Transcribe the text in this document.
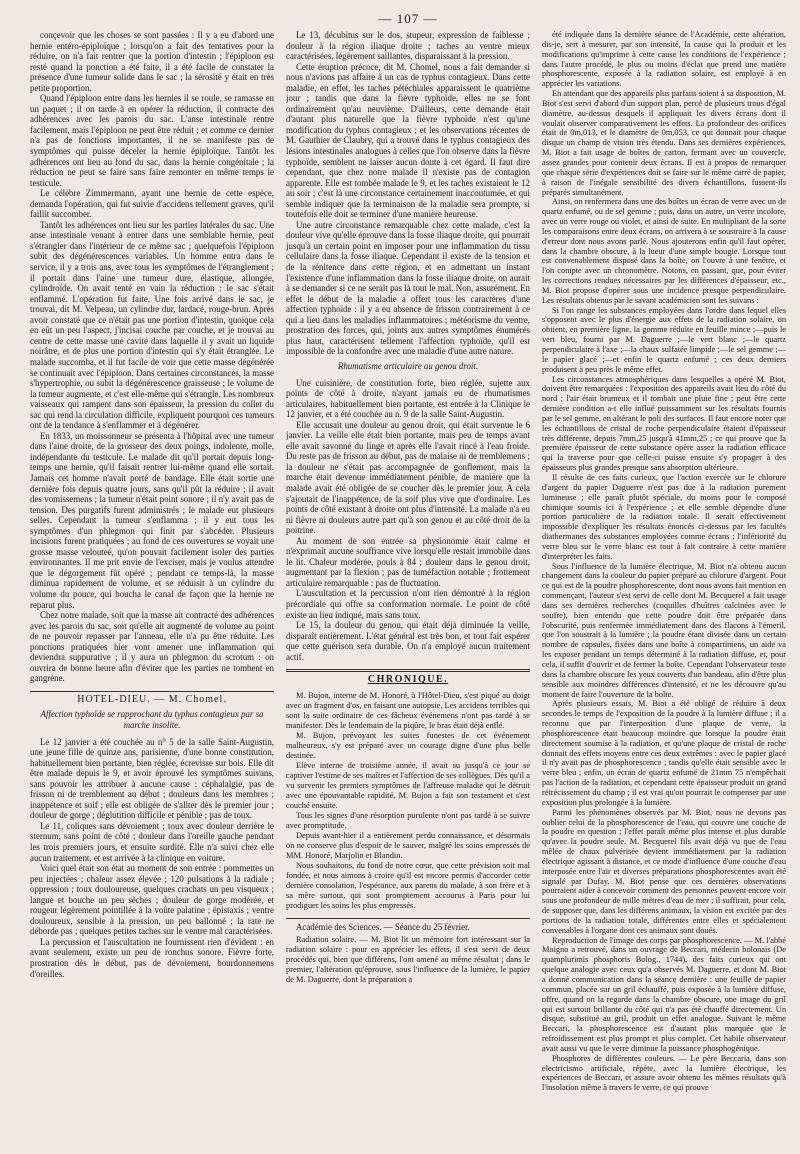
— 107 —

conçevoir que les choses se sont passées : Il y a eu d'abord une hernie entéro-épiploïque ; lorsqu'on a fait des tentatives pour la réduire, on n'a fait rentrer que la portion d'intestin ; l'épiploon est resté quand la ponction a été faite, il a été facile de constater la présence d'une tumeur solide dans le sac ; la sérosité y était en très petite proportion.

Quand l'épiploon entre dans les hernies il se roule, se ramasse en un paquet ; il on tarde à en opérer la réduction, il contracte des adhérences avec les parois du sac. L'anse intestinale rentre facilement, mais l'épiploon ne peut être réduit ; et comme ce dernier n'a pas de fonctions importantes, il ne se manifeste pas de symptômes qui puisse déceler la hernie épiploïque. Tantôt les adhérences ont lieu au fond du sac, dans la hernie congénitale ; la réduction ne peut se faire sans faire remonter en même temps le testicule.

Le célèbre Zimmermann, ayant une hernie de cette espèce, demanda l'opération, qui fut suivie d'accidens tellement graves, qu'il faillit succomber.

Tantôt les adhérences ont lieu sur les parties latérales du sac. Une anse intestinale venant à entrer dans une semblable hernie, peut s'étrangler dans l'intérieur de ce même sac ; quelquefois l'épiploon subit des dégénérescences variables. Un homme entra dans le service, il y a trois ans, avec tous les symptômes de l'étranglement ; il portait dans l'aine une tumeur dure, élastique, allongée, cylindroïde. On avait tenté en vain la réduction : le sac s'était enflammé. L'opération fut faite. Une fois arrivé dans le sac, je trouvai, dit M. Velpeau, un cylindre dur, lardacé, rouge-brun. Après avoir constaté que ce n'était pas une portion d'intestin, quoique cela en eût un peu l'aspect, j'incisai couche par couche, et je trouvai au centre de cette masse une cavité dans laquelle il y avait un liquide noirâtre, et de plus une portion d'intestin qui s'y était étranglée. Le malade succomba, et il fut facile de voir que cette masse dégénérée se continuait avec l'épiploon. Dans certaines circonstances, la masse s'hypertrophie, ou subit la dégénérescence graisseuse ; le volume de la tumeur augmente, et c'est elle-même qui s'étrangle. Les nombreux vaisseaux qui rampent dans son épaisseur, la pression du collet du sac qui rend la circulation difficile, expliquent pourquoi ces tumeurs ont de la tendance à s'enflammer et à dégénérer.

En 1833, un moissonneur se présenta à l'hôpital avec une tumeur dans l'aine droite, de la grosseur des deux poings, indolente, molle, indépendante du testicule. Le malade dit qu'il portait depuis long-temps une hernie, qu'il faisait rentrer lui-même quand elle sortait. Jamais cet homme n'avait porté de bandage. Elle était sortie une dernière fois depuis quatre jours, sans qu'il pût la réduire ; il avait des vomissemens ; la tumeur n'était point sonore ; il n'y avait pas de tension. Des purgatifs furent administrés ; le malade eut plusieurs selles. Cependant la tumeur s'enflamma ; il y eut tous les symptômes d'un phlegmon qui finit par s'abcéder. Plusieurs incisions furent pratiquées ; au fond de ces ouvertures se voyait une grosse masse velouteé, qu'on pouvait facilement isoler des parties environnantes. Il me prit envie de l'exciser, mais je voulus attendre que le dégorgement fût opéré ; pendant ce temps-là, la masse diminua rapidement de volume, et se réduisit à un cylindre du volume du pouce, qui boucha le canal de façon que la hernie ne reparut plus.

Chez notre malade, soit que la masse ait contracté des adhérences avec les parois du sac, soit qu'elle ait augmenté de volume au point de ne pouvoir repasser par l'anneau, elle n'a pu être réduite. Les ponctions pratiquées hier vont amener une inflammation qui deviendra suppurative ; il y aura un phlegmon du scrotum : on ouvrira de bonne heure afin d'éviter que les parties ne tombent en gangrène.

HOTEL-DIEU. — M. Chomel.
Affection typhoïde se rapprochant du typhus contagieux par sa marche insolite.

Le 12 janvier a été couchée au n° 5 de la salle Saint-Augustin, une jeune fille de quinze ans, parisienne, d'une bonne constitution, habituellement bien portante, bien réglée, écrevisse sur bois. Elle dit être malade depuis le 9, et avoir éprouvé les symptômes suivans, sans pouvoir les attribuer à aucune cause : céphalalgie, pas de frisson ni de tremblement au début ; douleurs dans les membres ; inappétence et soif ; elle est obligée de s'aliter dès le premier jour ; douleur de gorge ; déglutition difficile et pénible ; pas de toux.

Le 11, coliques sans dévoiement ; toux avec douleur derrière le sternum, sans point de côté ; douleur dans l'oreille gauche pendant les trois premiers jours, et ensuite surdité. Elle n'a suivi chez elle aucun traitement, et est arrivée à la clinique en voiture.

Voici quel était son état au moment de son entrée : pommettes un peu injectées ; chaleur assez élevée ; 120 pulsations à la radiale ; oppression ; toux douloureuse, quelques crachats un peu visqueux ; langue et bouche un peu sèches ; douleur de gorge modérée, et rougeur légèrement pointillée à la voûte palatine ; épistaxis ; ventre douloureux, sensible à la pression, un peu ballonné ; la rate ne déborde pas ; quelques petites taches sur le ventre mal caractérisées.

La percussion et l'auscultation ne fournissent rien d'évident : en avant seulement, existe un peu de ronchus sonore. Fièvre forte, prostration dès le début, pas de dévoiement, bourdonnemens d'oreilles.

Le 13, décubitus sur le dos, stupeur, expression de faiblesse ; douleur à la région iliaque droite ; taches au ventre mieux caractérisées, légèrement saillantes, disparaissant à la pression.

Cette éruption précoce, dit M. Chomel, nous a fait demander si nous n'avions pas affaire à un cas de typhus contagieux. Dans cette maladie, en effet, les taches pétéchiales apparaissent le quatrième jour ; tandis que dans la fièvre typhoïde, elles ne se font ordinairement qu'au neuvième. D'ailleurs, cette demande était d'autant plus naturelle que la fièvre typhoïde n'est qu'une modification du typhus contagieux ; et les observations récentes de M. Gauthier de Claubry, qui a trouvé dans le typhus contagieux des lésions intestinales analogues à celles que l'on observe dans la fièvre typhoïde, semblent ne laisser aucun doute à cet égard. Il faut dire cependant, que chez notre malade il n'existe pas de contagion apparente. Elle est tombée malade le 9, et les taches existaient le 12 au soir ; c'est là une circonstance certainement inaccoutumée, et qui semble indiquer que la terminaison de la maladie sera prompte, si toutefois elle doit se terminer d'une manière heureuse.

Une autre circonstance remarquable chez cette malade, c'est la douleur vive qu'elle éprouve dans la fosse iliaque droite, qui pourrait jusqu'à un certain point en imposer pour une inflammation du tissu cellulaire dans la fosse iliaque. Cependant il existe de la tension et de la rénitence dans cette région, et en admettant un instant l'existence d'une inflammation dans la fosse iliaque droite, on aurait à se demander si ce ne serait pas là tout le mal. Non, assurément. En effet le début de la maladie a offert tous les caractères d'une affection typhoïde : il y a eu absence de frisson contrairement à ce qui a lieu dans les maladies inflammatoires ; météorisme du ventre, prostration des forces, qui, joints aux autres symptômes énumérés plus haut, caractérisent tellement l'affection typhoïde, qu'il est impossible de la confondre avec une maladie d'une autre nature.

Rhumatisme articulaire au genou droit.

Une cuisinière, de constitution forte, bien réglée, sujette aux points de côté à droite, n'ayant jamais eu de rhumatismes articulaires, habituellement bien portante, est entrée à la Clinique le 12 janvier, et a été couchée au n. 9 de la salle Saint-Augustin.

Elle accusait une douleur au genou droit, qui était survenue le 6 janvier. La veille elle était bien portante, mais peu de temps avant elle avait savonné du linge et après elle l'avait rincé à l'eau froide. Du reste pas de frisson au début, pas de malaise ni de tremblemens ; la douleur ne s'était pas accompagnée de gonflement, mais la marche était devenue immédiatement pénible, de manière que la malade avait été obligée de se coucher dès le premier jour. A cela s'ajoutait de l'inappétence, de la soif plus vive que d'ordinaire. Les points de côté existant à droite ont plus d'intensité. La malade n'a eu ni fièvre ni douleurs autre part qu'à son genou et au côté droit de la poitrine.

Au moment de son entrée sa physionomie était calme et n'exprimait aucune souffrance vive lorsqu'elle restait immobile dans le lit. Chaleur modérée, pouls à 84 ; douleur dans le genou droit, augmentant par la flexion ; pas de tuméfaction notable ; frottement articulaire remarquable : pas de fluctuation.

L'auscultation et la percussion n'ont rien démontré à la région précordiale qui offre sa conformation normale. Le point de côté existe au lieu indiqué, mais sans toux.

Le 15, la douleur du genou, qui était déjà diminuée la veille, disparaît entièrement. L'état général est très bon, et tout fait espérer que cette guérison sera durable. On n'a employé aucun traitement actif.

CHRONIQUE.

M. Bujon, interne de M. Honoré, à l'Hôtel-Dieu, s'est piqué au doigt avec un fragment d'os, en faisant une autopsie. Les accidens terribles qui sont la suite ordinaire de ces fâcheux événemens n'ont pas tardé à se manifester. Dès le lendemain de la piqûre, le bras était déjà enflé.

M. Bujon, prévoyant les suites funestes de cet événement malheureux, s'y est préparé avec un courage digne d'une plus belle destinée.

Elève interne de troisième année, il avait su jusqu'à ce jour se captiver l'estime de ses maîtres et l'affection de ses collègues. Dès qu'il a vu survenir les premiers symptômes de l'affreuse maladie qui le détruit avec une épouvantable rapidité, M. Bujon a fait son testament et s'est couché ensuite.

Tous les signes d'une résorption purulente n'ont pas tardé à se suivre avec promptitude.

Depuis avant-hier il a entièrement perdu connaissance, et désormais on ne conserve plus d'espoir de le sauver, malgré les soins empressés de MM. Honoré, Marjolin et Blandin.

Nous souhaitons, du fond de notre cœur, que cette prévision soit mal fondée, et nous aimons à croire qu'il est encore permis d'accorder cette dernière consolation, l'espérance, aux parens du malade, à son frère et à sa mère surtout, qui sont promptement accourus à Paris pour lui prodiguer les soins les plus empressés.

Académie des Sciences. — Séance du 25 février.

Radiation solaire. — M. Biot lit un mémoire fort intéressant sur la radiation solaire : pour en apprécier les effets, il s'est servi de deux procédés qui, bien que différens, l'ont amené au même résultat ; dans le premier, l'altération qu'éprouve, sous l'influence de la lumière, le papier de M. Daguerre, dont la préparation a

été indiquée dans la dernière séance de l'Académie, cette altération, dis-je, sert à mesurer, par son intensité, la cause qui la produit et les modifications qu'imprime à cette cause les conditions de l'expérience ; dans l'autre procédé, le plus ou moins d'éclat que prend une matière phosphorescente, exposée à la radiation solaire, est employé à en apprécier les variations.

En attendant que des appareils plus parfaits soient à sa disposition, M. Biot s'est servi d'abord d'un support plan, percé de plusieurs trous d'égal diamètre, au-dessus desquels il appliquait les divers écrans dont il voulait observer comparativement les effets. La profondeur des orifices était de 0m,013, et le diamètre de 0m,053, ce qui donnait pour chaque disque un champ de vision très étendu. Dans ses dernières expériences, M. Biot a fait usage de boîtes de carton, fermant avec un couvercle, assez grandes pour contenir deux écrans. Il est à propos de remarquer que chaque série d'expériences doit se faire sur le même carré de papier, à raison de l'inégale sensibilité des divers échantillons, fussent-ils préparés simultanément.

Ainsi, on renfermera dans une des boîtes un écran de verre avec un de quartz enfumé, ou de sel gemme ; puis, dans un autre, un verre incolore, avec un verre rouge ou violet, et ainsi de suite. En multipliant de la sorte les comparaisons entre deux écrans, on arrivera à se soustraire à la cause d'erreur dont nous avons parlé. Nous ajouterons enfin qu'il faut opérer, dans la chambre obscure, à la lueur d'une simple bougie. Lorsque tout est convenablement disposé dans la boîte, on l'ouvre à une fenêtre, et l'on compte avec un chronomètre. Notons, en passant, que, pour éviter les corrections rendues nécessaires par les différences d'épaisseur, etc., M. Biot propose d'opérer sous une incidence presque perpendiculaire. Les résultats obtenus par le savant académicien sont les suivans :

Si l'on range les substances employées dans l'ordre dans lequel elles s'opposent avec le plus d'énergie aux effets de la radiation solaire, on obtient, en première ligne, la gomme réduite en feuille mince ;—puis le vert bleu, fourni par M. Daguerre ;—le vert blanc ;—le quartz perpendiculaire à l'axe ;—la chaux sulfatée limpide ;—le sel gemme ;—le papier glacé ;—et enfin le quartz enfumé ; ces deux derniers produisent à peu près le même effet.

Les circonstances atmosphériques dans lesquelles a opéré M. Biot, doivent être remarquées : l'exposition des appareils avait lieu du côté du nord ; l'air était brumeux et il tombait une pluie fine ; peut être cette dernière condition a-t elle influé puissamment sur les résultats fournis par le sel gemme, en altérant le poli des surfaces. Il faut encore noter que les échantillons de cristal de roche perpendiculaire étaient d'épaisseur très différente, depuis 7mm,25 jusqu'à 41mm,25 ; ce qui prouve que la première épaisseur de cette substance opère assez la radiation efficace qui la traverse pour que celle-ci puisse ensuite s'y propager à des épaisseurs plus grandes presque sans absorption ultérieure.

Il résulte de ces faits curieux, que l'action exercée sur le chlorure d'argent du papier Daguerre n'est pas due à la radiation purement lumineuse ; elle paraît plutôt spéciale, du moins pour le composé chimique soumis ici à l'expérience ; et elle semble dépendre d'une portion particulière de la radiation totale. Il serait effectivement impossible d'expliquer les résultats énoncés ci-dessus par les facultés diathermanes des substances employées comme écrans : l'infériorité du verre bleu sur le verre blanc est tout à fait contraire à cette manière d'interpréter les faits.

Sous l'influence de la lumière électrique, M. Biot n'a obtenu aucun changement dans la couleur du papier préparé au chlorure d'argent. Pour ce qui est de la poudre phosphorescente, dont nous avons fait mention en commençant, l'auteur s'est servi de celle dont M. Becquerel a fait usage dans ses dernières recherches (coquilles d'huîtres calcinées avec le soufre), bien entendu que cette poudre doit être préparée dans l'obscurité, puis renfermée immédiatement dans des flacons à l'émeril, que l'on soustrait à la lumière ; la poudre étant divisée dans un certain nombre de capsules, fixées dans une boîte à compartimens, un aide va les exposer pendant un temps déterminé à la radiation diffuse, et, pour cela, il suffit d'ouvrir et de fermer la boîte. Cependant l'observateur reste dans la chambre obscure les yeux couverts d'un bandeau, afin d'être plus sensible aux moindres différences d'intensité, et ne les découvre qu'au moment de faire l'ouverture de la boîte.

Après plusieurs essais, M. Biot a été obligé de réduire à deux secondes le temps de l'exposition de la poudre à la lumière diffuse ; il a reconnu que par l'interposition d'une plaque de verre, la phosphorescence était beaucoup moindre que lorsque la poudre était directement soumise à la radiation, et qu'une plaque de cristal de roche donnait des effets moyens entre ces deux extrêmes : avec le papier glacé il n'y avait pas de phosphorescence ; tandis qu'elle était sensible avec le verre bleu ; enfin, un écran de quartz enfumé de 21mm 75 n'empêchait pas l'action de la radiation, et cependant cette épaisseur produit un grand rétrécissement du champ ; il est vrai qu'on pourrait le compenser par une exposition plus prolongée à la lumière.

Parmi les phénomènes observés par M. Biot, nous ne devons pas oublier celui de la phosphorescence de l'eau, qui couvre une couche de la poudre en question ; l'effet paraît même plus intense et plus durable qu'avec la poudre seule. M. Becquerel fils avait déjà vu que de l'eau mêlée de chaux pulvérisée devient immédiatement par la radiation électrique agissant à distance, et ce mode d'influence d'une couche d'eau interposée entre l'air et diverses préparations phosphorescentes avait été signalé par Dufay. M. Biot pense que ces dernières observations pourraient aider à concevoir comment des personnes peuvent encore voir sous une profondeur de mille mètres d'eau de mer ; il suffirait, pour cela, de supposer que, dans les différens animaux, la vision est excitée par des portions de la radiation totale, différentes entre elles et spécialement convenables à l'organe dont ces animaux sont doués.

Reproduction de l'image des corps par phosphorescence. — M. l'abbé Moigno a retrouvé, dans un ouvrage de Beccari, médecin bolonais (De quamplurimis phosphoris Bolog., 1744), des faits curieux qui ont quelque analogie avec ceux qu'a observés M. Daguerre, et dont M. Biot a donné communication dans la séance dernière : une feuille de papier commun, placée sur un gril échauffé, puis exposée à la lumière diffuse, offre, quand on la regarde dans la chambre obscure, une image du gril qui est surtout brillante du côté qui n'a pas été chauffé directement. Un disque, substitué au gril, produit un effet analogue. Suivant le même Beccari, la phosphorescence est d'autant plus marquée que le refroidissement est plus prompt et plus complet. Cet habile observateur avait aussi vu que le verre diminue la puissance phosphogénique.

Phosphores de différentes couleurs. — Le père Beccaria, dans son electricismo artificiale, répète, avec la lumière électrique, les expériences de Beccari, et assure avoir obtenu les mêmes résultats qu'à l'insolation même à travers le verre, ce qui prouve
